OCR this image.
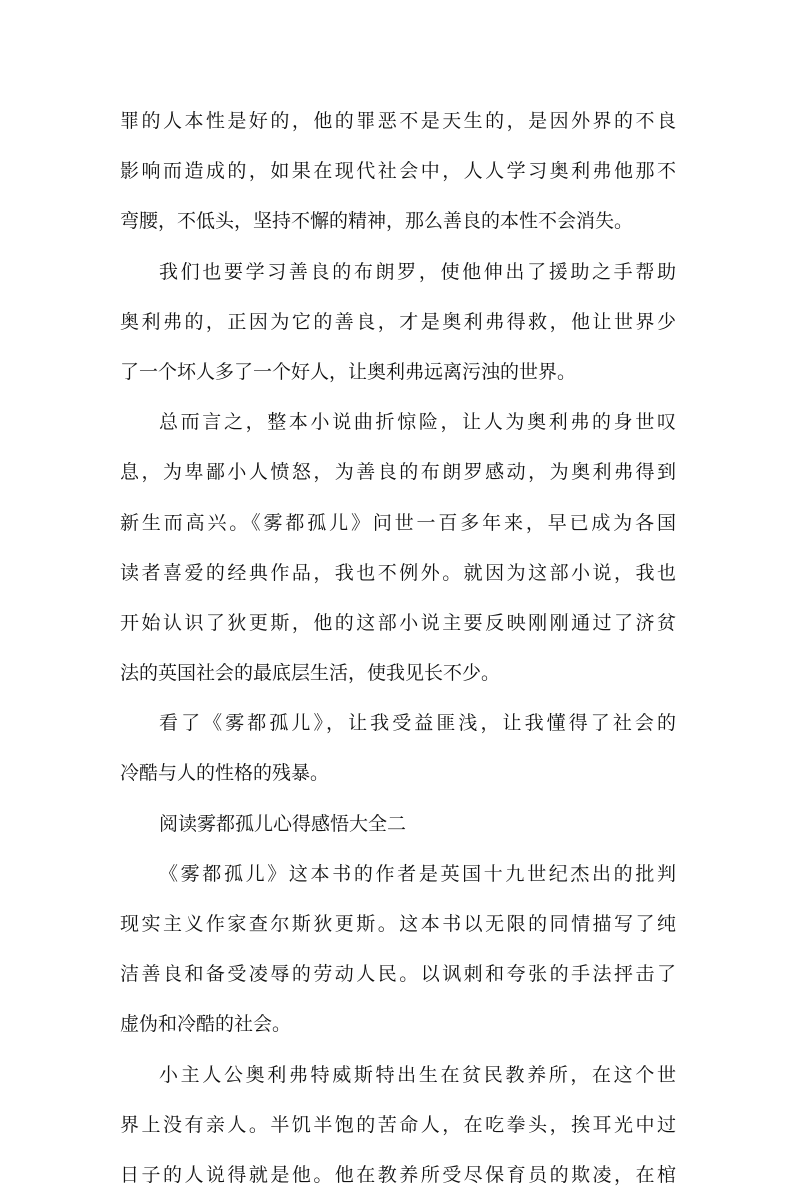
罪的人本性是好的，他的罪恶不是天生的，是因外界的不良
影响而造成的，如果在现代社会中，人人学习奥利弗他那不
弯腰，不低头，坚持不懈的精神，那么善良的本性不会消失。
我们也要学习善良的布朗罗，使他伸出了援助之手帮助
奥利弗的，正因为它的善良，才是奥利弗得救，他让世界少
了一个坏人多了一个好人，让奥利弗远离污浊的世界。
总而言之，整本小说曲折惊险，让人为奥利弗的身世叹
息，为卑鄙小人愤怒，为善良的布朗罗感动，为奥利弗得到
新生而高兴。《雾都孤儿》问世一百多年来，早已成为各国
读者喜爱的经典作品，我也不例外。就因为这部小说，我也
开始认识了狄更斯，他的这部小说主要反映刚刚通过了济贫
法的英国社会的最底层生活，使我见长不少。
看了《雾都孤儿》，让我受益匪浅，让我懂得了社会的
冷酷与人的性格的残暴。
阅读雾都孤儿心得感悟大全二
《雾都孤儿》这本书的作者是英国十九世纪杰出的批判
现实主义作家查尔斯狄更斯。这本书以无限的同情描写了纯
洁善良和备受凌辱的劳动人民。以讽刺和夸张的手法抨击了
虚伪和冷酷的社会。
小主人公奥利弗特威斯特出生在贫民教养所，在这个世
界上没有亲人。半饥半饱的苦命人，在吃拳头，挨耳光中过
日子的人说得就是他。他在教养所受尽保育员的欺凌，在棺
